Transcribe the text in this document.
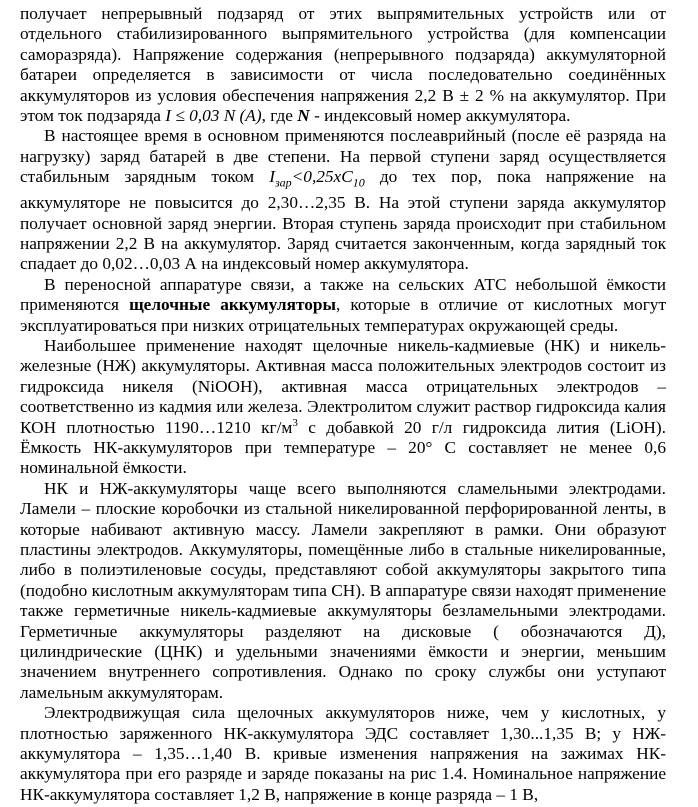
получает непрерывный подзаряд от этих выпрямительных устройств или от отдельного стабилизированного выпрямительного устройства (для компенсации саморазряда). Напряжение содержания (непрерывного подзаряда) аккумуляторной батареи определяется в зависимости от числа последовательно соединённых аккумуляторов из условия обеспечения напряжения 2,2 В ± 2 % на аккумулятор. При этом ток подзаряда I ≤ 0,03 N (A), где N - индексовый номер аккумулятора.

В настоящее время в основном применяются послеаврийный (после её разряда на нагрузку) заряд батарей в две степени. На первой ступени заряд осуществляется стабильным зарядным током $I_{зар}<0,25xC_{10}$ до тех пор, пока напряжение на аккумуляторе не повысится до 2,30…2,35 В. На этой ступени заряда аккумулятор получает основной заряд энергии. Вторая ступень заряда происходит при стабильном напряжении 2,2 В на аккумулятор. Заряд считается законченным, когда зарядный ток спадает до 0,02…0,03 А на индексовый номер аккумулятора.

В переносной аппаратуре связи, а также на сельских АТС небольшой ёмкости применяются щелочные аккумуляторы, которые в отличие от кислотных могут эксплуатироваться при низких отрицательных температурах окружающей среды.

Наибольшее применение находят щелочные никель-кадмиевые (НК) и никель-железные (НЖ) аккумуляторы. Активная масса положительных электродов состоит из гидроксида никеля (NiOOH), активная масса отрицательных электродов – соответственно из кадмия или железа. Электролитом служит раствор гидроксида калия КОН плотностью 1190…1210 $кг/м^3$ с добавкой 20 г/л гидроксида лития (LiOH). Ёмкость НК-аккумуляторов при температуре – 20° С составляет не менее 0,6 номинальной ёмкости.

НК и НЖ-аккумуляторы чаще всего выполняются сламельными электродами. Ламели – плоские коробочки из стальной никелированной перфорированной ленты, в которые набивают активную массу. Ламели закрепляют в рамки. Они образуют пластины электродов. Аккумуляторы, помещённые либо в стальные никелированные, либо в полиэтиленовые сосуды, представляют собой аккумуляторы закрытого типа (подобно кислотным аккумуляторам типа СН). В аппаратуре связи находят применение также герметичные никель-кадмиевые аккумуляторы безламельными электродами. Герметичные аккумуляторы разделяют на дисковые ( обозначаются Д), цилиндрические (ЦНК) и удельными значениями ёмкости и энергии, меньшим значением внутреннего сопротивления. Однако по сроку службы они уступают ламельным аккумуляторам.

Электродвижущая сила щелочных аккумуляторов ниже, чем у кислотных, у плотностью заряженного НК-аккумулятора ЭДС составляет 1,30...1,35 В; у НЖ-аккумулятора – 1,35…1,40 В. кривые изменения напряжения на зажимах НК-аккумулятора при его разряде и заряде показаны на рис 1.4. Номинальное напряжение НК-аккумулятора составляет 1,2 В, напряжение в конце разряда – 1 В,
